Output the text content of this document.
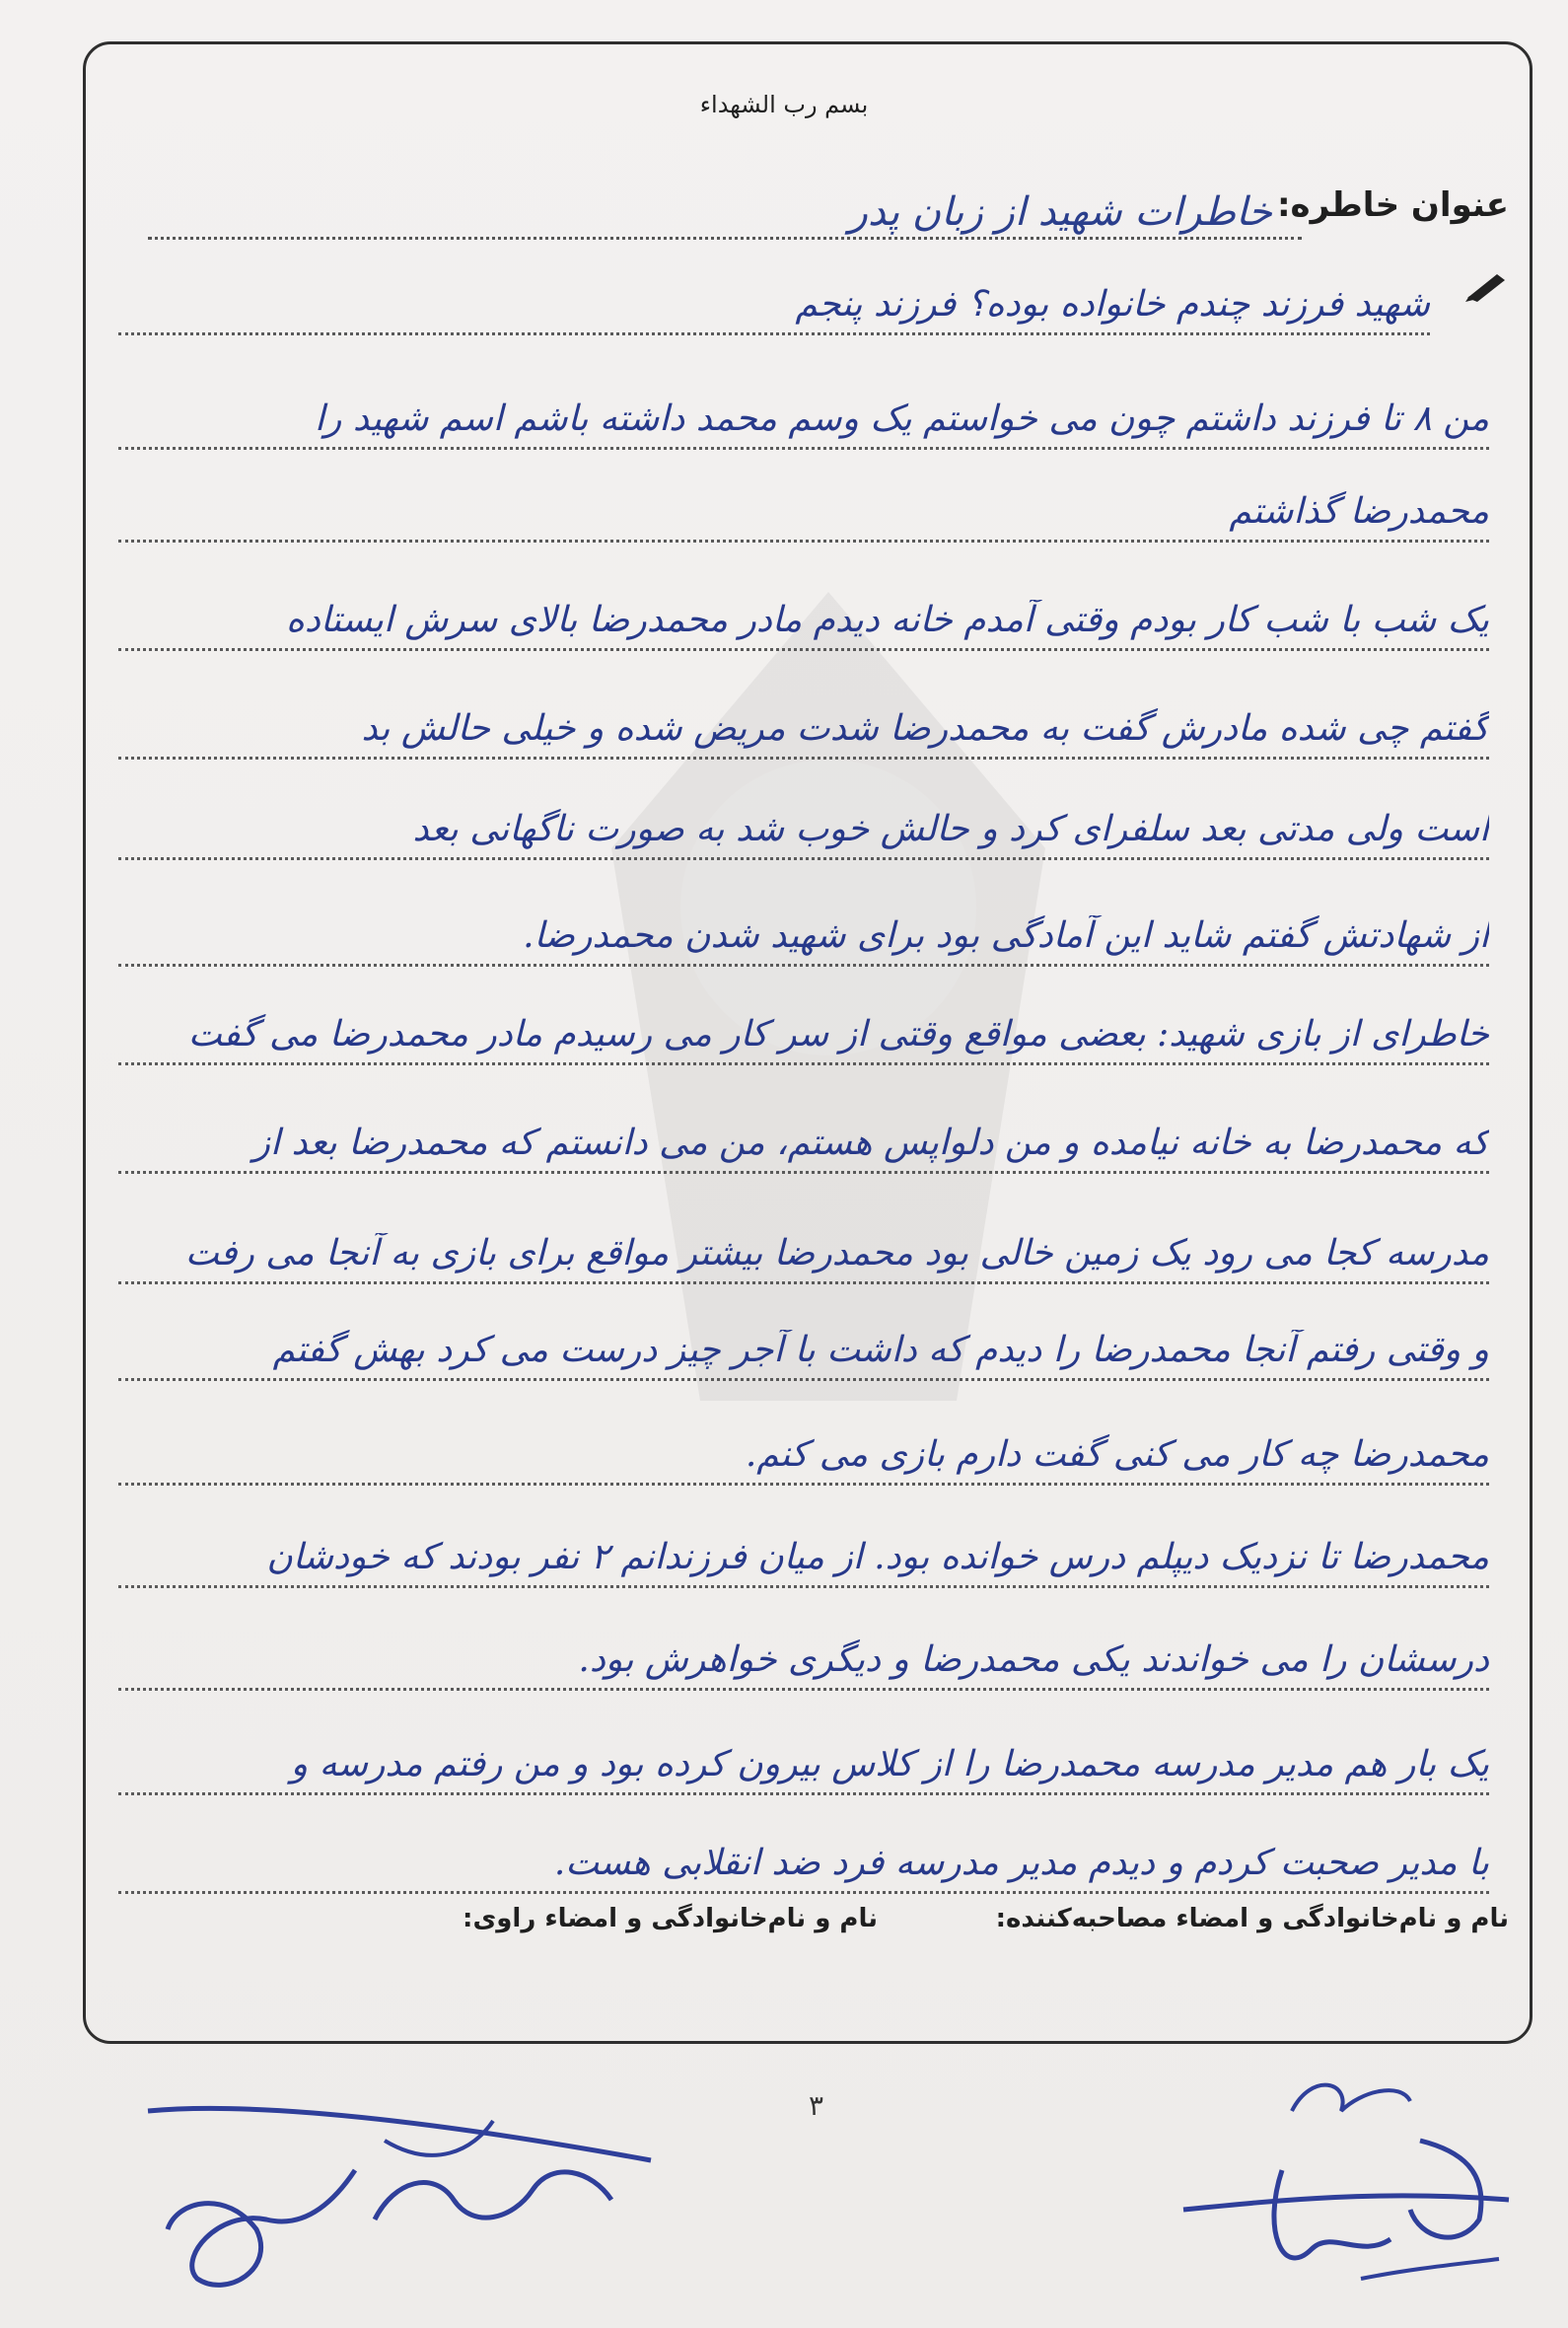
بسم رب الشهداء
عنوان خاطره:
خاطرات شهید از زبان پدر
شهید فرزند چندم خانواده بوده؟ فرزند پنجم
من ۸ تا فرزند داشتم چون می خواستم یک وسم محمد داشته باشم اسم شهید را
محمدرضا گذاشتم
یک شب با شب کار بودم وقتی آمدم خانه دیدم مادر محمدرضا بالای سرش ایستاده
گفتم چی شده مادرش گفت به محمدرضا شدت مریض شده و خیلی حالش بد
است ولی مدتی بعد سلفرای کرد و حالش خوب شد به صورت ناگهانی بعد
از شهادتش گفتم شاید این آمادگی بود برای شهید شدن محمدرضا.
خاطرای از بازی شهید: بعضی مواقع وقتی از سر کار می رسیدم مادر محمدرضا می گفت
که محمدرضا به خانه نیامده و من دلواپس هستم، من می دانستم که محمدرضا بعد از
مدرسه کجا می رود یک زمین خالی بود محمدرضا بیشتر مواقع برای بازی به آنجا می رفت
و وقتی رفتم آنجا محمدرضا را دیدم که داشت با آجر چیز درست می کرد بهش گفتم
محمدرضا چه کار می کنی گفت دارم بازی می کنم.
محمدرضا تا نزدیک دیپلم درس خوانده بود. از میان فرزندانم ۲ نفر بودند که خودشان
درسشان را می خواندند یکی محمدرضا و دیگری خواهرش بود.
یک بار هم مدیر مدرسه محمدرضا را از کلاس بیرون کرده بود و من رفتم مدرسه و
با مدیر صحبت کردم و دیدم مدیر مدرسه فرد ضد انقلابی هست.
نام و نام‌خانوادگی و امضاء مصاحبه‌کننده:
نام و نام‌خانوادگی و امضاء راوی:
٣
